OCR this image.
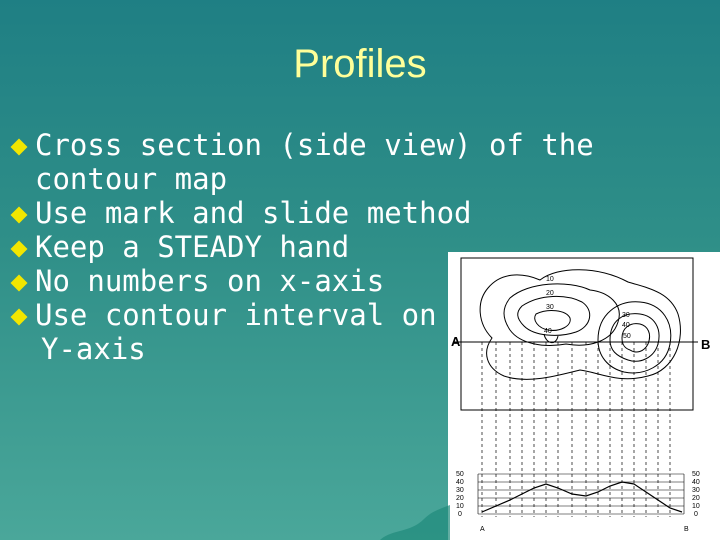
Profiles
Cross section (side view) of the
contour map
Use mark and slide method
Keep a STEADY hand
No numbers on x-axis
Use contour interval on
Y-axis
10
20
30
40
30
40
50
A	B
50
40
30
20
10
0
50
40
30
20
10
0
A	B
